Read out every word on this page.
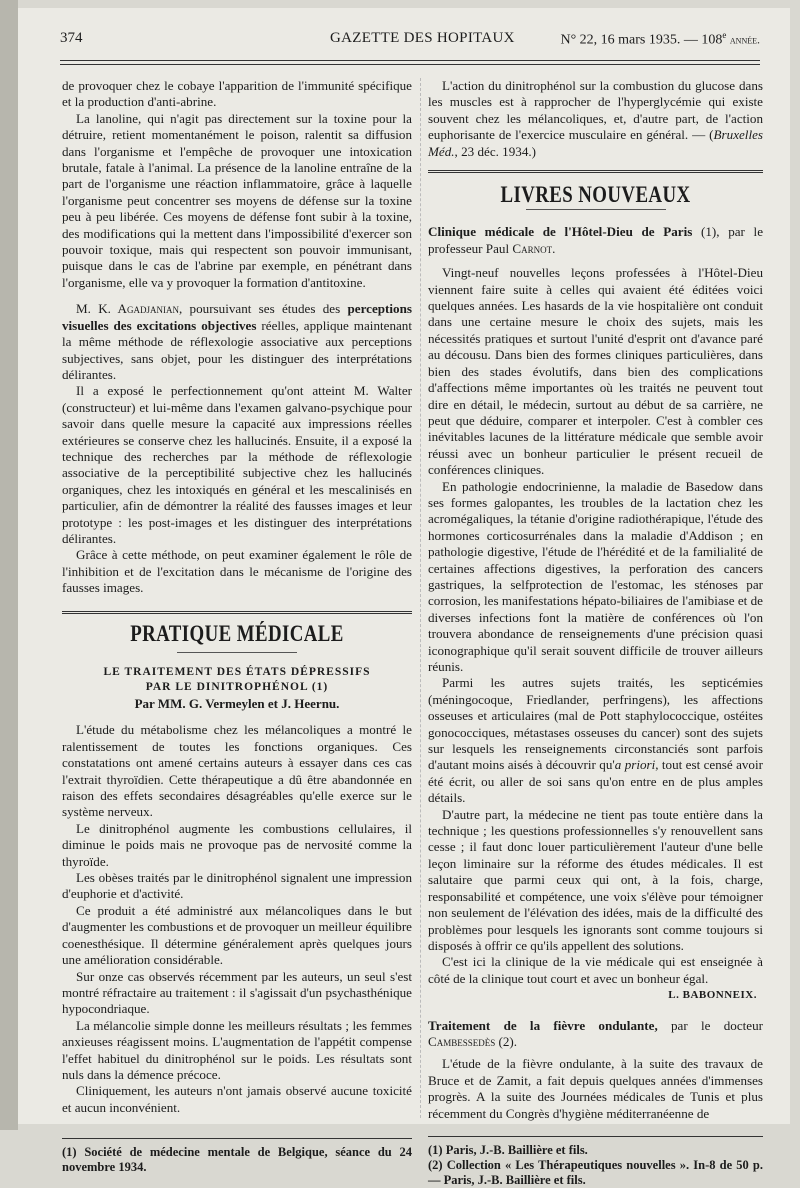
374	GAZETTE DES HOPITAUX	N° 22, 16 mars 1935. — 108e année.

de provoquer chez le cobaye l'apparition de l'immunité spécifique et la production d'anti-abrine.

La lanoline, qui n'agit pas directement sur la toxine pour la détruire, retient momentanément le poison, ralentit sa diffusion dans l'organisme et l'empêche de provoquer une intoxication brutale, fatale à l'animal. La présence de la lanoline entraîne de la part de l'organisme une réaction inflammatoire, grâce à laquelle l'organisme peut concentrer ses moyens de défense sur la toxine peu à peu libérée. Ces moyens de défense font subir à la toxine, des modifications qui la mettent dans l'impossibilité d'exercer son pouvoir toxique, mais qui respectent son pouvoir immunisant, puisque dans le cas de l'abrine par exemple, en pénétrant dans l'organisme, elle va y provoquer la formation d'antitoxine.

M. K. Agadjanian, poursuivant ses études des perceptions visuelles des excitations objectives réelles, applique maintenant la même méthode de réflexologie associative aux perceptions subjectives, sans objet, pour les distinguer des interprétations délirantes.

Il a exposé le perfectionnement qu'ont atteint M. Walter (constructeur) et lui-même dans l'examen galvano-psychique pour savoir dans quelle mesure la capacité aux impressions réelles extérieures se conserve chez les hallucinés. Ensuite, il a exposé la technique des recherches par la méthode de réflexologie associative de la perceptibilité subjective chez les hallucinés organiques, chez les intoxiqués en général et les mescalinisés en particulier, afin de démontrer la réalité des fausses images et leur prototype : les post-images et les distinguer des interprétations délirantes.

Grâce à cette méthode, on peut examiner également le rôle de l'inhibition et de l'excitation dans le mécanisme de l'origine des fausses images.

PRATIQUE MÉDICALE
LE TRAITEMENT DES ÉTATS DÉPRESSIFS
PAR LE DINITROPHÉNOL (1)
Par MM. G. Vermeylen et J. Heernu.

L'étude du métabolisme chez les mélancoliques a montré le ralentissement de toutes les fonctions organiques. Ces constatations ont amené certains auteurs à essayer dans ces cas l'extrait thyroïdien. Cette thérapeutique a dû être abandonnée en raison des effets secondaires désagréables qu'elle exerce sur le système nerveux.

Le dinitrophénol augmente les combustions cellulaires, il diminue le poids mais ne provoque pas de nervosité comme la thyroïde.

Les obèses traités par le dinitrophénol signalent une impression d'euphorie et d'activité.

Ce produit a été administré aux mélancoliques dans le but d'augmenter les combustions et de provoquer un meilleur équilibre coenesthésique. Il détermine généralement après quelques jours une amélioration considérable.

Sur onze cas observés récemment par les auteurs, un seul s'est montré réfractaire au traitement : il s'agissait d'un psychasthénique hypocondriaque.

La mélancolie simple donne les meilleurs résultats ; les femmes anxieuses réagissent moins. L'augmentation de l'appétit compense l'effet habituel du dinitrophénol sur le poids. Les résultats sont nuls dans la démence précoce.

Cliniquement, les auteurs n'ont jamais observé aucune toxicité et aucun inconvénient.

(1) Société de médecine mentale de Belgique, séance du 24 novembre 1934.

L'action du dinitrophénol sur la combustion du glucose dans les muscles est à rapprocher de l'hyperglycémie qui existe souvent chez les mélancoliques, et, d'autre part, de l'action euphorisante de l'exercice musculaire en général. — (Bruxelles Méd., 23 déc. 1934.)

LIVRES NOUVEAUX

Clinique médicale de l'Hôtel-Dieu de Paris (1), par le professeur Paul Carnot.

Vingt-neuf nouvelles leçons professées à l'Hôtel-Dieu viennent faire suite à celles qui avaient été éditées voici quelques années. Les hasards de la vie hospitalière ont conduit dans une certaine mesure le choix des sujets, mais les nécessités pratiques et surtout l'unité d'esprit ont d'avance paré au décousu. Dans bien des formes cliniques particulières, dans bien des stades évolutifs, dans bien des complications d'affections même importantes où les traités ne peuvent tout dire en détail, le médecin, surtout au début de sa carrière, ne peut que déduire, comparer et interpoler. C'est à combler ces inévitables lacunes de la littérature médicale que semble avoir réussi avec un bonheur particulier le présent recueil de conférences cliniques.

En pathologie endocrinienne, la maladie de Basedow dans ses formes galopantes, les troubles de la lactation chez les acromégaliques, la tétanie d'origine radiothérapique, l'étude des hormones corticosurrénales dans la maladie d'Addison ; en pathologie digestive, l'étude de l'hérédité et de la familialité de certaines affections digestives, la perforation des cancers gastriques, la selfprotection de l'estomac, les sténoses par corrosion, les manifestations hépato-biliaires de l'amibiase et de diverses infections font la matière de conférences où l'on trouvera abondance de renseignements d'une précision quasi iconographique qu'il serait souvent difficile de trouver ailleurs réunis.

Parmi les autres sujets traités, les septicémies (méningocoque, Friedlander, perfringens), les affections osseuses et articulaires (mal de Pott staphylococcique, ostéites gonococciques, métastases osseuses du cancer) sont des sujets sur lesquels les renseignements circonstanciés sont parfois d'autant moins aisés à découvrir qu'a priori, tout est censé avoir été écrit, ou aller de soi sans qu'on entre en de plus amples détails.

D'autre part, la médecine ne tient pas toute entière dans la technique ; les questions professionnelles s'y renouvellent sans cesse ; il faut donc louer particulièrement l'auteur d'une belle leçon liminaire sur la réforme des études médicales. Il est salutaire que parmi ceux qui ont, à la fois, charge, responsabilité et compétence, une voix s'élève pour témoigner non seulement de l'élévation des idées, mais de la difficulté des problèmes pour lesquels les ignorants sont comme toujours si disposés à offrir ce qu'ils appellent des solutions.

C'est ici la clinique de la vie médicale qui est enseignée à côté de la clinique tout court et avec un bonheur égal.

L. BABONNEIX.

Traitement de la fièvre ondulante, par le docteur Cambessedès (2).

L'étude de la fièvre ondulante, à la suite des travaux de Bruce et de Zamit, a fait depuis quelques années d'immenses progrès. A la suite des Journées médicales de Tunis et plus récemment du Congrès d'hygiène méditerranéenne de

(1) Paris, J.-B. Baillière et fils.

(2) Collection « Les Thérapeutiques nouvelles ». In-8 de 50 p. — Paris, J.-B. Baillière et fils.
